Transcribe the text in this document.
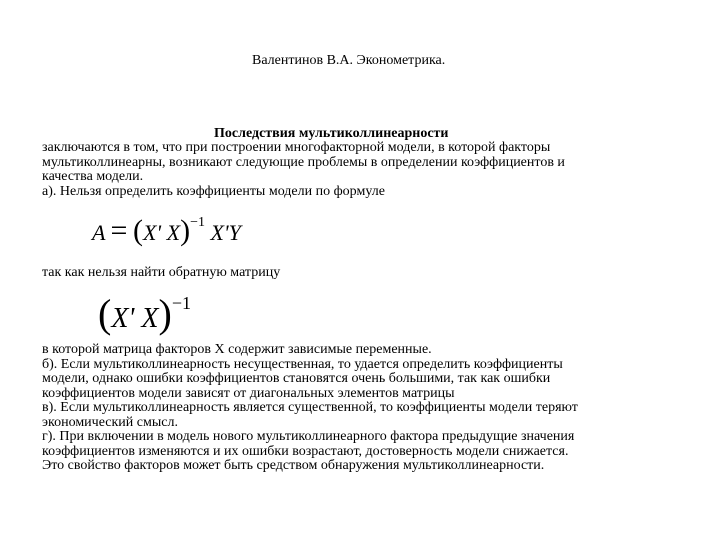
Валентинов В.А. Эконометрика.
Последствия мультиколлинеарности
заключаются в том, что при построении многофакторной модели, в которой факторы
мультиколлинеарны, возникают следующие проблемы в определении коэффициентов и
качества модели.
а). Нельзя определить коэффициенты модели по формуле
A = (X' X)$^{-1}$ X'Y
так как нельзя найти обратную матрицу
(X' X)$^{-1}$
в которой матрица факторов X содержит зависимые переменные.
б). Если мультиколлинеарность несущественная, то удается определить коэффициенты
модели, однако ошибки коэффициентов становятся очень большими, так как ошибки
коэффициентов модели зависят от диагональных элементов матрицы
в). Если мультиколлинеарность является существенной, то коэффициенты модели теряют
экономический смысл.
г). При включении в модель нового мультиколлинеарного фактора предыдущие значения
коэффициентов изменяются и их ошибки возрастают, достоверность модели снижается.
Это свойство факторов может быть средством обнаружения мультиколлинеарности.
